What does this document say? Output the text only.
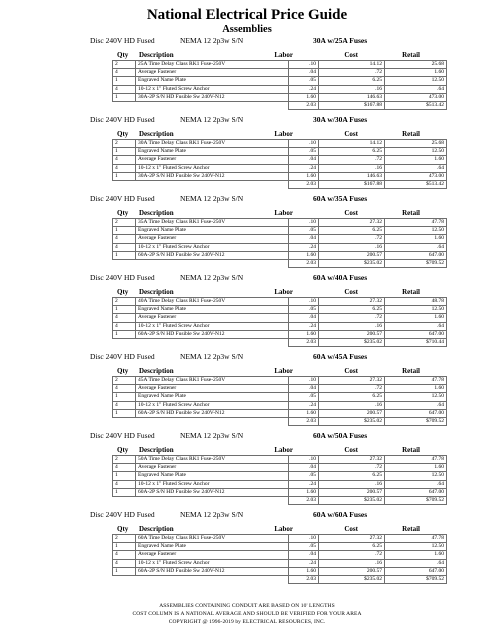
National Electrical Price Guide
Assemblies
Disc 240V HD Fused	NEMA 12 2p3w S/N	30A w/25A Fuses
Qty Description	Labor	Cost	Retail
2	25A Time Delay Class RK1 Fuse-250V	.10	14.12	25.68
4	Average Fastener	.04	.72	1.60
1	Engraved Name Plate	.05	6.25	12.50
4	10-12 x 1" Fluted Screw Anchor	.24	.16	.64
1	30A-2P S/N HD Fusible Sw 240V-N12	1.60	146.63	473.00
		2.03	$167.88	$513.42
Disc 240V HD Fused	NEMA 12 2p3w S/N	30A w/30A Fuses
Qty Description	Labor	Cost	Retail
2	30A Time Delay Class RK1 Fuse-250V	.10	14.12	25.68
1	Engraved Name Plate	.05	6.25	12.50
4	Average Fastener	.04	.72	1.60
4	10-12 x 1" Fluted Screw Anchor	.24	.16	.64
1	30A-2P S/N HD Fusible Sw 240V-N12	1.60	146.63	473.00
		2.03	$167.88	$513.42
Disc 240V HD Fused	NEMA 12 2p3w S/N	60A w/35A Fuses
Qty Description	Labor	Cost	Retail
2	35A Time Delay Class RK1 Fuse-250V	.10	27.32	47.78
1	Engraved Name Plate	.05	6.25	12.50
4	Average Fastener	.04	.72	1.60
4	10-12 x 1" Fluted Screw Anchor	.24	.16	.64
1	60A-2P S/N HD Fusible Sw 240V-N12	1.60	200.57	647.00
		2.03	$235.02	$709.52
Disc 240V HD Fused	NEMA 12 2p3w S/N	60A w/40A Fuses
Qty Description	Labor	Cost	Retail
2	40A Time Delay Class RK1 Fuse-250V	.10	27.32	48.78
1	Engraved Name Plate	.05	6.25	12.50
4	Average Fastener	.04	.72	1.60
4	10-12 x 1" Fluted Screw Anchor	.24	.16	.64
1	60A-2P S/N HD Fusible Sw 240V-N12	1.60	200.57	647.00
		2.03	$235.02	$710.44
Disc 240V HD Fused	NEMA 12 2p3w S/N	60A w/45A Fuses
Qty Description	Labor	Cost	Retail
2	45A Time Delay Class RK1 Fuse-250V	.10	27.32	47.78
4	Average Fastener	.04	.72	1.60
1	Engraved Name Plate	.05	6.25	12.50
4	10-12 x 1" Fluted Screw Anchor	.24	.16	.64
1	60A-2P S/N HD Fusible Sw 240V-N12	1.60	200.57	647.00
		2.03	$235.02	$709.52
Disc 240V HD Fused	NEMA 12 2p3w S/N	60A w/50A Fuses
Qty Description	Labor	Cost	Retail
2	50A Time Delay Class RK1 Fuse-250V	.10	27.32	47.78
4	Average Fastener	.04	.72	1.60
1	Engraved Name Plate	.05	6.25	12.50
4	10-12 x 1" Fluted Screw Anchor	.24	.16	.64
1	60A-2P S/N HD Fusible Sw 240V-N12	1.60	200.57	647.00
		2.03	$235.02	$709.52
Disc 240V HD Fused	NEMA 12 2p3w S/N	60A w/60A Fuses
Qty Description	Labor	Cost	Retail
2	60A Time Delay Class RK1 Fuse-250V	.10	27.32	47.78
1	Engraved Name Plate	.05	6.25	12.50
4	Average Fastener	.04	.72	1.60
4	10-12 x 1" Fluted Screw Anchor	.24	.16	.64
1	60A-2P S/N HD Fusible Sw 240V-N12	1.60	200.57	647.00
		2.03	$235.02	$709.52
ASSEMBLIES CONTAINING CONDUIT ARE BASED ON 10' LENGTHS
COST COLUMN IS A NATIONAL AVERAGE AND SHOULD BE VERIFIED FOR YOUR AREA
COPYRIGHT @ 1996-2019 by ELECTRICAL RESOURCES, INC.
